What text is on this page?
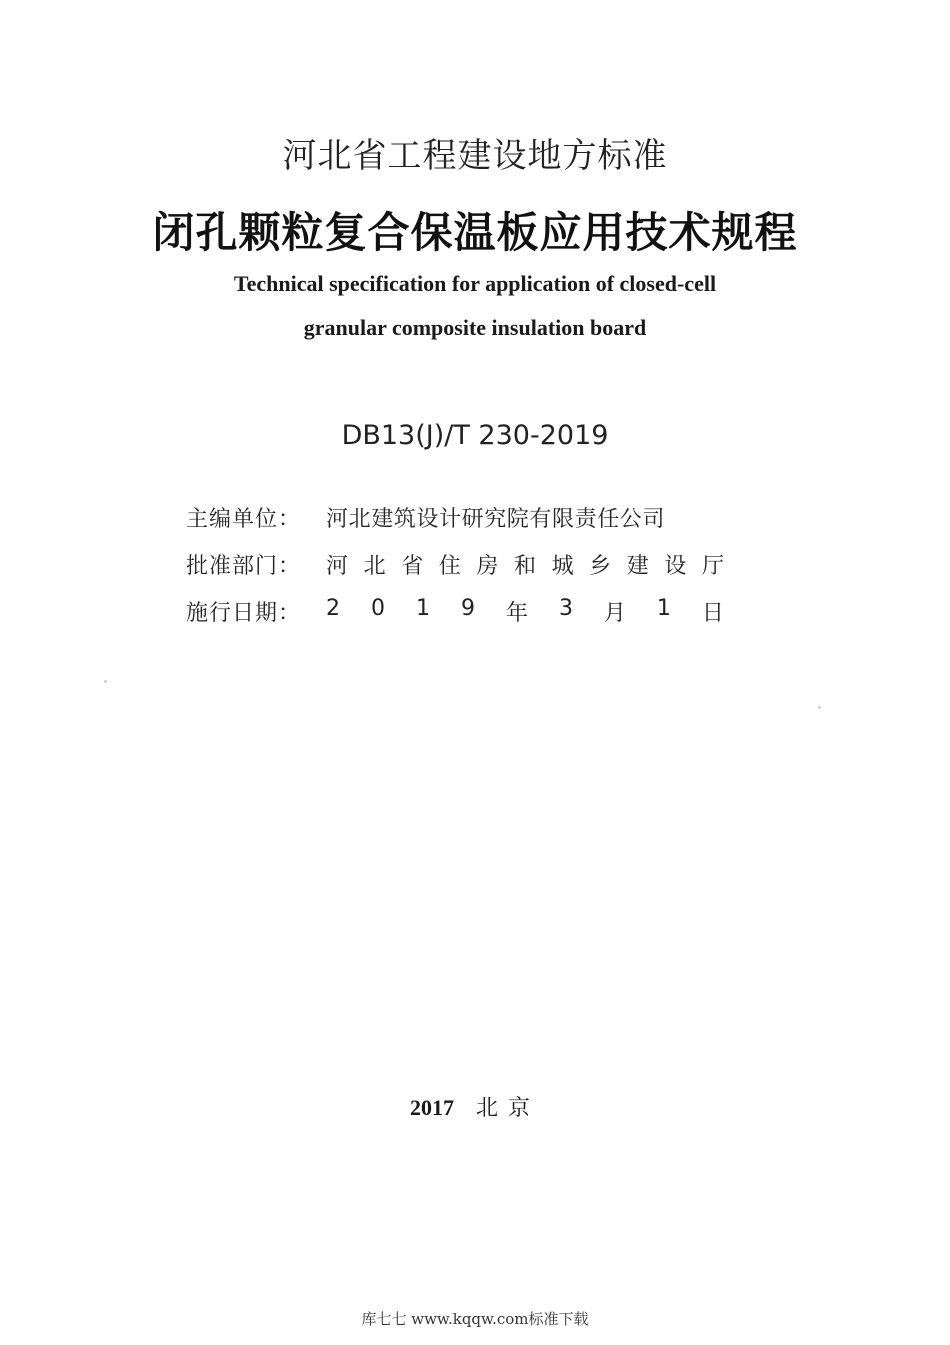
河北省工程建设地方标准
闭孔颗粒复合保温板应用技术规程
Technical specification for application of closed-cell
granular composite insulation board
DB13(J)/T 230-2019
主编单位： 河北建筑设计研究院有限责任公司
批准部门： 河 北 省 住 房 和 城 乡 建 设 厅
施行日期： 2 0 1 9 年 3 月 1 日
2017 北京
库七七 www.kqqw.com标准下载
